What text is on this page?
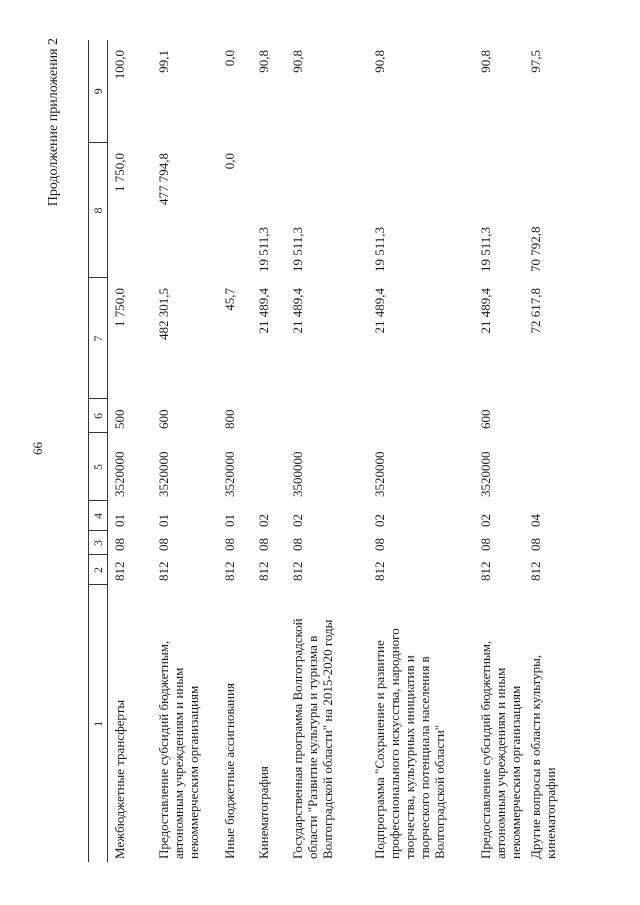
66
Продолжение приложения 2
1	2	3	4	5	6	7	8	9

Межбюджетные трансферты	812	08	01	3520000	500	1 750,0	1 750,0	100,0
Предоставление субсидий бюджетным, автономным учреждениям и иным некоммерческим организациям	812	08	01	3520000	600	482 301,5	477 794,8	99,1
Иные бюджетные ассигнования	812	08	01	3520000	800	45,7	0,0	0,0
Кинематография	812	08	02			21 489,4	19 511,3	90,8
Государственная программа Волгоградской области "Развитие культуры и туризма в Волгоградской области" на 2015-2020 годы	812	08	02	3500000		21 489,4	19 511,3	90,8
Подпрограмма "Сохранение и развитие профессионального искусства, народного творчества, культурных инициатив и творческого потенциала населения в Волгоградской области"	812	08	02	3520000		21 489,4	19 511,3	90,8
Предоставление субсидий бюджетным, автономным учреждениям и иным некоммерческим организациям	812	08	02	3520000	600	21 489,4	19 511,3	90,8
Другие вопросы в области культуры, кинематографии	812	08	04			72 617,8	70 792,8	97,5
